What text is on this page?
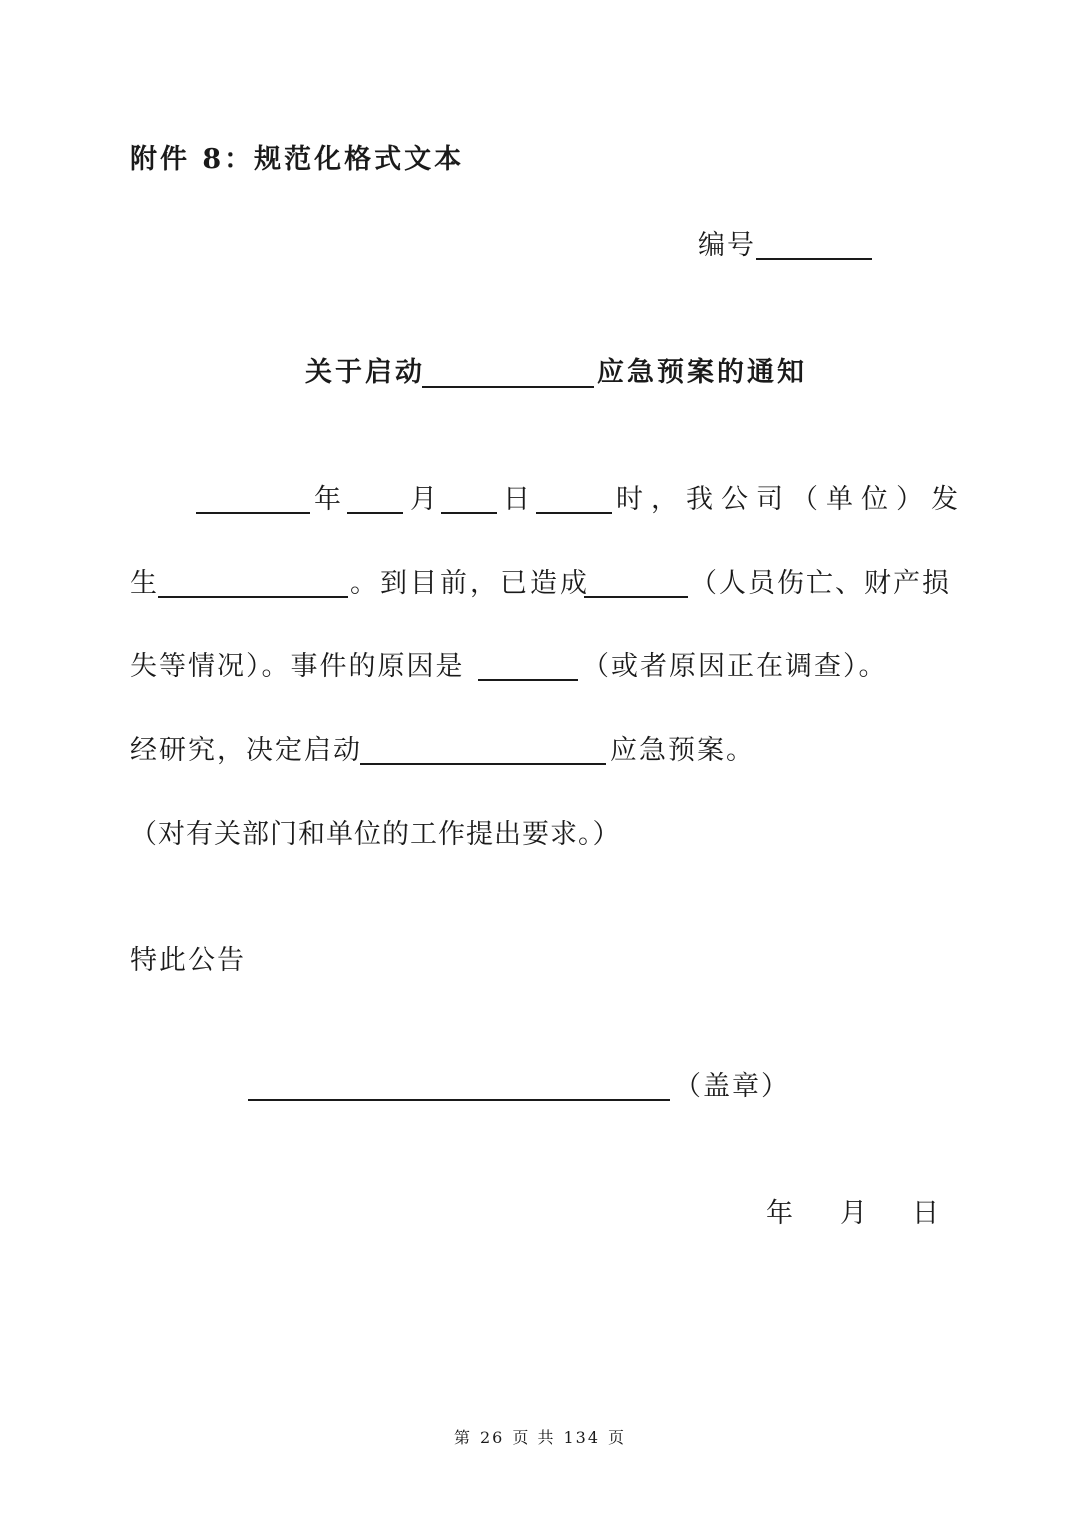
附件 8：规范化格式文本
编号
关于启动	应急预案的通知
年	月 日	时，我公司（单位）发
生	。到目前，已造成	（人员伤亡、财产损
失等情况）。事件的原因是	（或者原因正在调查）。
经研究，决定启动	应急预案。
（对有关部门和单位的工作提出要求。）
特此公告
（盖章）
年 月 日
第 26 页 共 134 页
